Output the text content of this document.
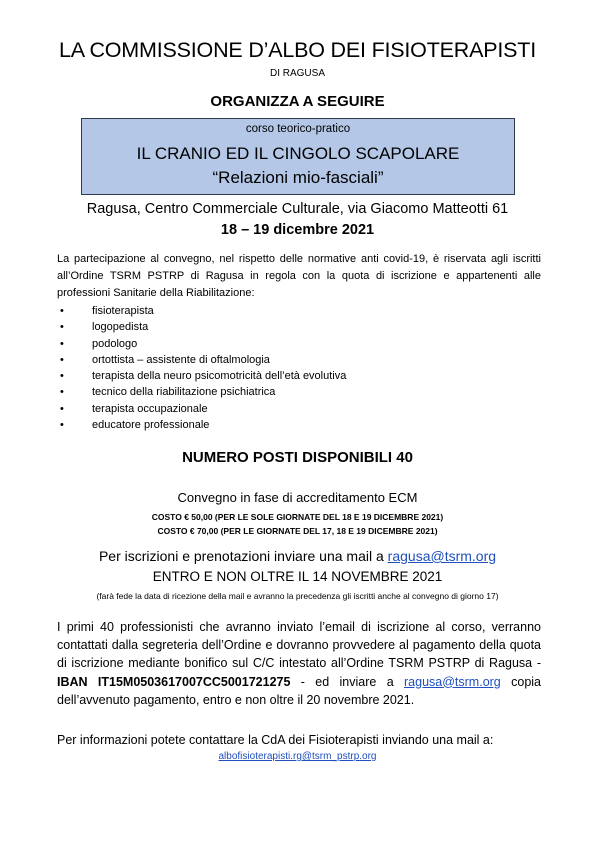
LA COMMISSIONE D’ALBO DEI FISIOTERAPISTI
DI RAGUSA
ORGANIZZA A SEGUIRE
corso teorico-pratico
IL CRANIO ED IL CINGOLO SCAPOLARE
“Relazioni mio-fasciali”
Ragusa, Centro Commerciale Culturale, via Giacomo Matteotti 61
18 – 19 dicembre 2021
La partecipazione al convegno, nel rispetto delle normative anti covid-19, è riservata agli iscritti all’Ordine TSRM PSTRP di Ragusa in regola con la quota di iscrizione e appartenenti alle professioni Sanitarie della Riabilitazione:
• fisioterapista
• logopedista
• podologo
• ortottista – assistente di oftalmologia
• terapista della neuro psicomotricità dell’età evolutiva
• tecnico della riabilitazione psichiatrica
• terapista occupazionale
• educatore professionale
NUMERO POSTI DISPONIBILI 40
Convegno in fase di accreditamento ECM
COSTO € 50,00 (PER LE SOLE GIORNATE DEL 18 E 19 DICEMBRE 2021)
COSTO € 70,00 (PER LE GIORNATE DEL 17, 18 E 19 DICEMBRE 2021)
Per iscrizioni e prenotazioni inviare una mail a ragusa@tsrm.org
ENTRO E NON OLTRE IL 14 NOVEMBRE 2021
(farà fede la data di ricezione della mail e avranno la precedenza gli iscritti anche al convegno di giorno 17)
I primi 40 professionisti che avranno inviato l’email di iscrizione al corso, verranno contattati dalla segreteria dell’Ordine e dovranno provvedere al pagamento della quota di iscrizione mediante bonifico sul C/C intestato all’Ordine TSRM PSTRP di Ragusa - IBAN IT15M0503617007CC5001721275 - ed inviare a ragusa@tsrm.org copia dell’avvenuto pagamento, entro e non oltre il 20 novembre 2021.
Per informazioni potete contattare la CdA dei Fisioterapisti inviando una mail a:
albofisioterapisti.rg@tsrm_pstrp.org
